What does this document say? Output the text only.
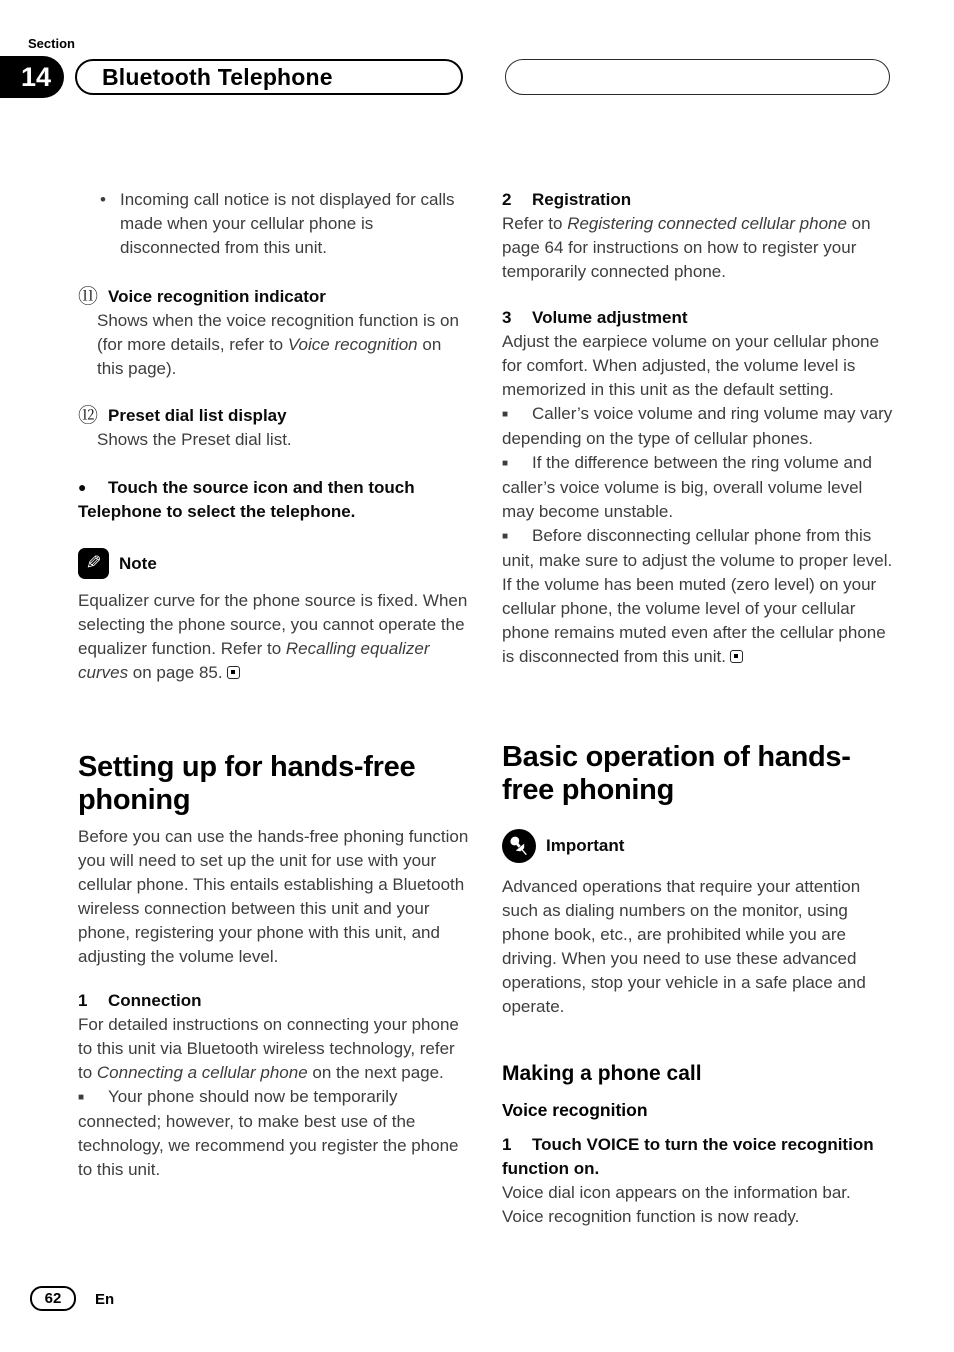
Section
14 Bluetooth Telephone
• Incoming call notice is not displayed for calls made when your cellular phone is disconnected from this unit.
⑪ Voice recognition indicator
Shows when the voice recognition function is on (for more details, refer to Voice recognition on this page).
⑫ Preset dial list display
Shows the Preset dial list.

● Touch the source icon and then touch Telephone to select the telephone.

✎	Note

Equalizer curve for the phone source is fixed. When selecting the phone source, you cannot operate the equalizer function. Refer to Recalling equalizer curves on page 85.

Setting up for hands-free phoning

Before you can use the hands-free phoning function you will need to set up the unit for use with your cellular phone. This entails establishing a Bluetooth wireless connection between this unit and your phone, registering your phone with this unit, and adjusting the volume level.

1 Connection

For detailed instructions on connecting your phone to this unit via Bluetooth wireless technology, refer to Connecting a cellular phone on the next page.

■ Your phone should now be temporarily connected; however, to make best use of the technology, we recommend you register the phone to this unit.

2 Registration

Refer to Registering connected cellular phone on page 64 for instructions on how to register your temporarily connected phone.

3 Volume adjustment

Adjust the earpiece volume on your cellular phone for comfort. When adjusted, the volume level is memorized in this unit as the default setting.

■ Caller’s voice volume and ring volume may vary depending on the type of cellular phones.

■ If the difference between the ring volume and caller’s voice volume is big, overall volume level may become unstable.

■ Before disconnecting cellular phone from this unit, make sure to adjust the volume to proper level. If the volume has been muted (zero level) on your cellular phone, the volume level of your cellular phone remains muted even after the cellular phone is disconnected from this unit.

Basic operation of hands-free phoning
Important

Advanced operations that require your attention such as dialing numbers on the monitor, using phone book, etc., are prohibited while you are driving. When you need to use these advanced operations, stop your vehicle in a safe place and operate.

Making a phone call
Voice recognition

1 Touch VOICE to turn the voice recognition function on.

Voice dial icon appears on the information bar. Voice recognition function is now ready.

62 En
